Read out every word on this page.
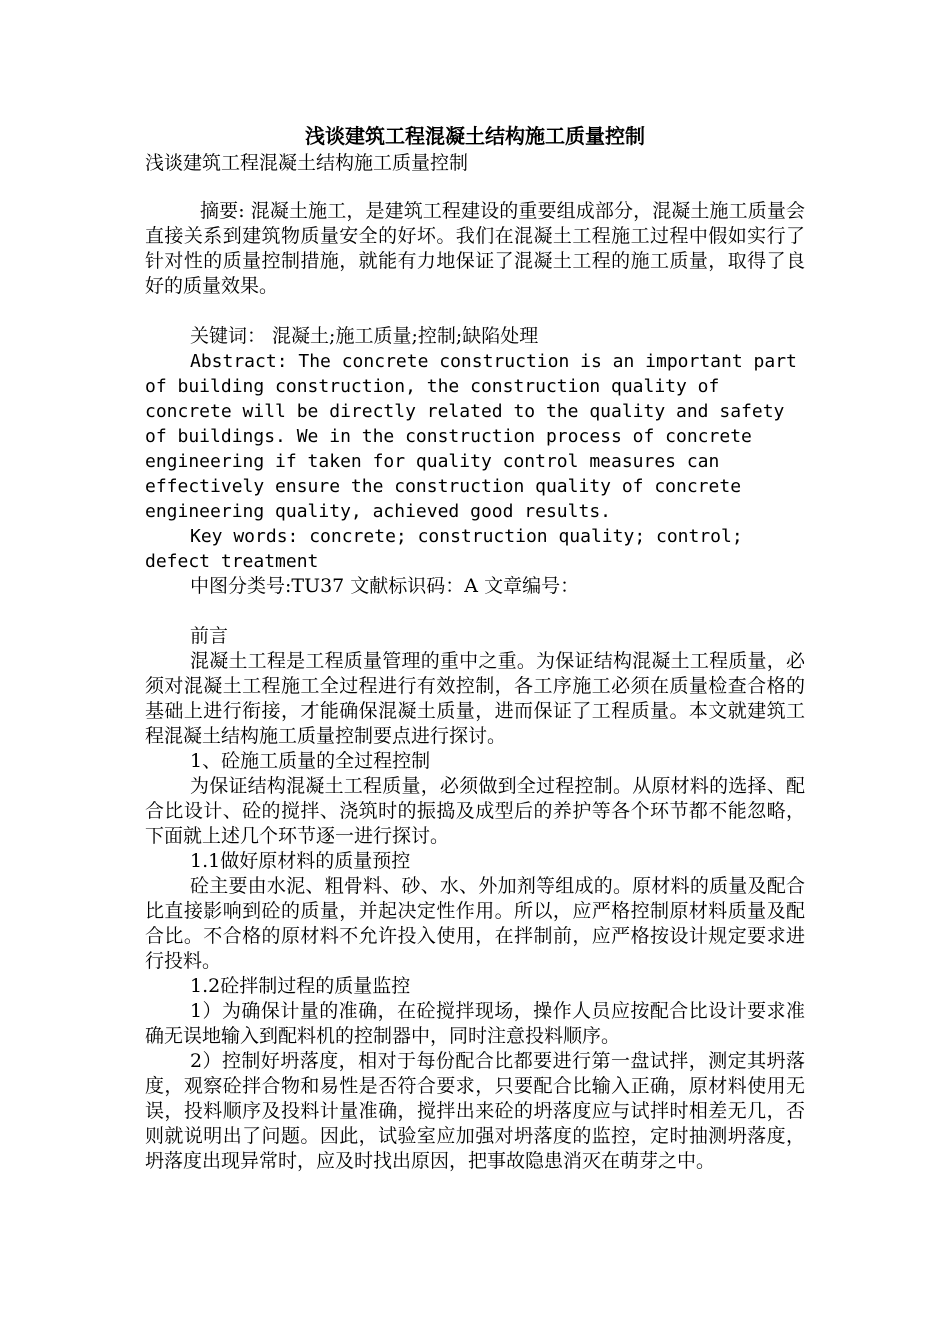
浅谈建筑工程混凝土结构施工质量控制
浅谈建筑工程混凝土结构施工质量控制

摘要: 混凝土施工，是建筑工程建设的重要组成部分，混凝土施工质量会直接关系到建筑物质量安全的好坏。我们在混凝土工程施工过程中假如实行了针对性的质量控制措施，就能有力地保证了混凝土工程的施工质量，取得了良好的质量效果。

关键词： 混凝土;施工质量;控制;缺陷处理

Abstract: The concrete construction is an important part of building construction, the construction quality of concrete will be directly related to the quality and safety of buildings. We in the construction process of concrete engineering if taken for quality control measures can effectively ensure the construction quality of concrete engineering quality, achieved good results.

Key words: concrete; construction quality; control; defect treatment

中图分类号:TU37 文献标识码：A 文章编号：

前言

混凝土工程是工程质量管理的重中之重。为保证结构混凝土工程质量，必须对混凝土工程施工全过程进行有效控制，各工序施工必须在质量检查合格的基础上进行衔接，才能确保混凝土质量，进而保证了工程质量。本文就建筑工程混凝土结构施工质量控制要点进行探讨。

1、砼施工质量的全过程控制

为保证结构混凝土工程质量，必须做到全过程控制。从原材料的选择、配合比设计、砼的搅拌、浇筑时的振捣及成型后的养护等各个环节都不能忽略，下面就上述几个环节逐一进行探讨。

1.1做好原材料的质量预控

砼主要由水泥、粗骨料、砂、水、外加剂等组成的。原材料的质量及配合比直接影响到砼的质量，并起决定性作用。所以，应严格控制原材料质量及配合比。不合格的原材料不允许投入使用，在拌制前，应严格按设计规定要求进行投料。

1.2砼拌制过程的质量监控

1）为确保计量的准确，在砼搅拌现场，操作人员应按配合比设计要求准确无误地输入到配料机的控制器中，同时注意投料顺序。

2）控制好坍落度，相对于每份配合比都要进行第一盘试拌，测定其坍落度，观察砼拌合物和易性是否符合要求，只要配合比输入正确，原材料使用无误，投料顺序及投料计量准确，搅拌出来砼的坍落度应与试拌时相差无几，否则就说明出了问题。因此，试验室应加强对坍落度的监控，定时抽测坍落度，坍落度出现异常时，应及时找出原因，把事故隐患消灭在萌芽之中。
